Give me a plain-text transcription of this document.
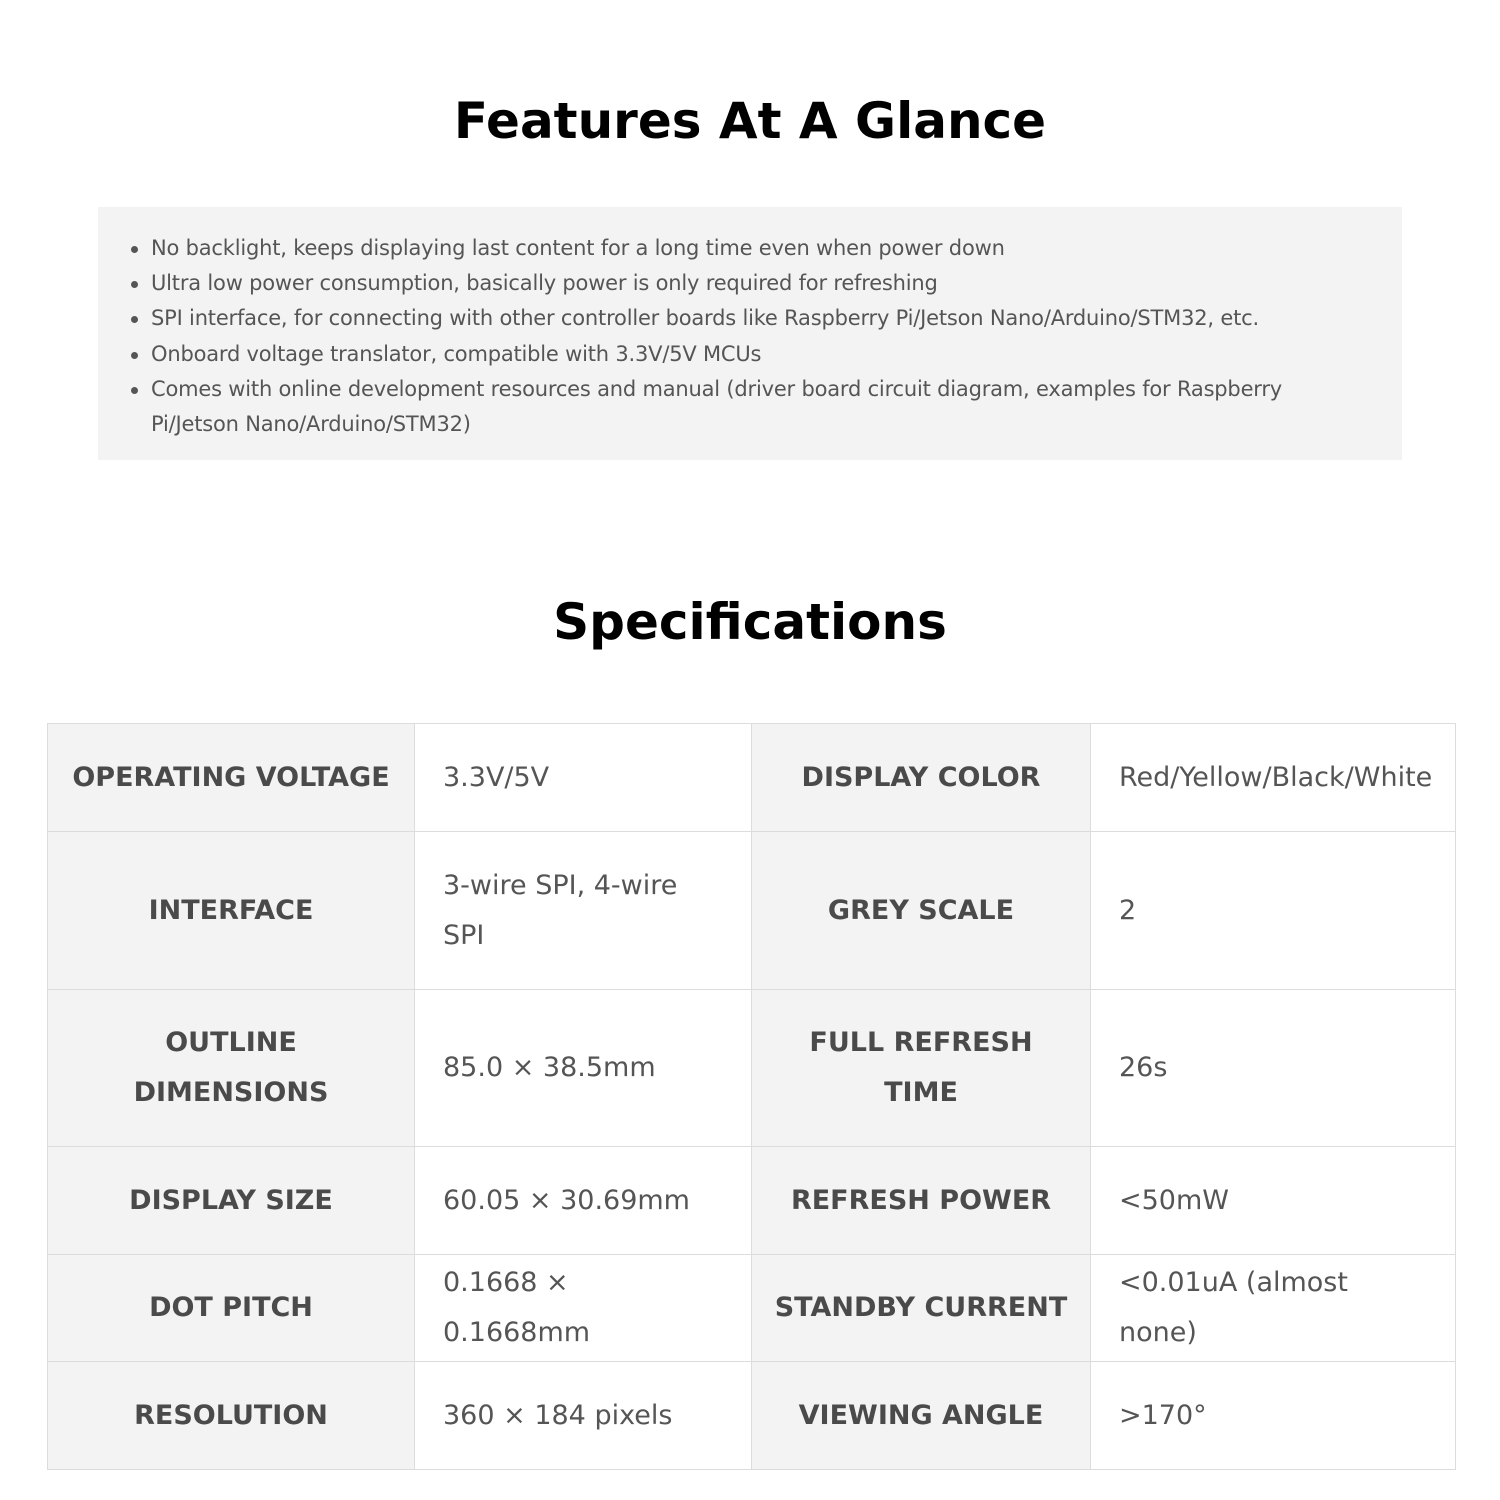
Features At A Glance
No backlight, keeps displaying last content for a long time even when power down
Ultra low power consumption, basically power is only required for refreshing
SPI interface, for connecting with other controller boards like Raspberry Pi/Jetson Nano/Arduino/STM32, etc.
Onboard voltage translator, compatible with 3.3V/5V MCUs
Comes with online development resources and manual (driver board circuit diagram, examples for Raspberry Pi/Jetson Nano/Arduino/STM32)
Specifications
OPERATING VOLTAGE	3.3V/5V	DISPLAY COLOR	Red/Yellow/Black/White
INTERFACE	3-wire SPI, 4-wire SPI	GREY SCALE	2
OUTLINE DIMENSIONS	85.0 × 38.5mm	FULL REFRESH TIME	26s
DISPLAY SIZE	60.05 × 30.69mm	REFRESH POWER	<50mW
DOT PITCH	0.1668 × 0.1668mm	STANDBY CURRENT	<0.01uA (almost none)
RESOLUTION	360 × 184 pixels	VIEWING ANGLE	>170°
